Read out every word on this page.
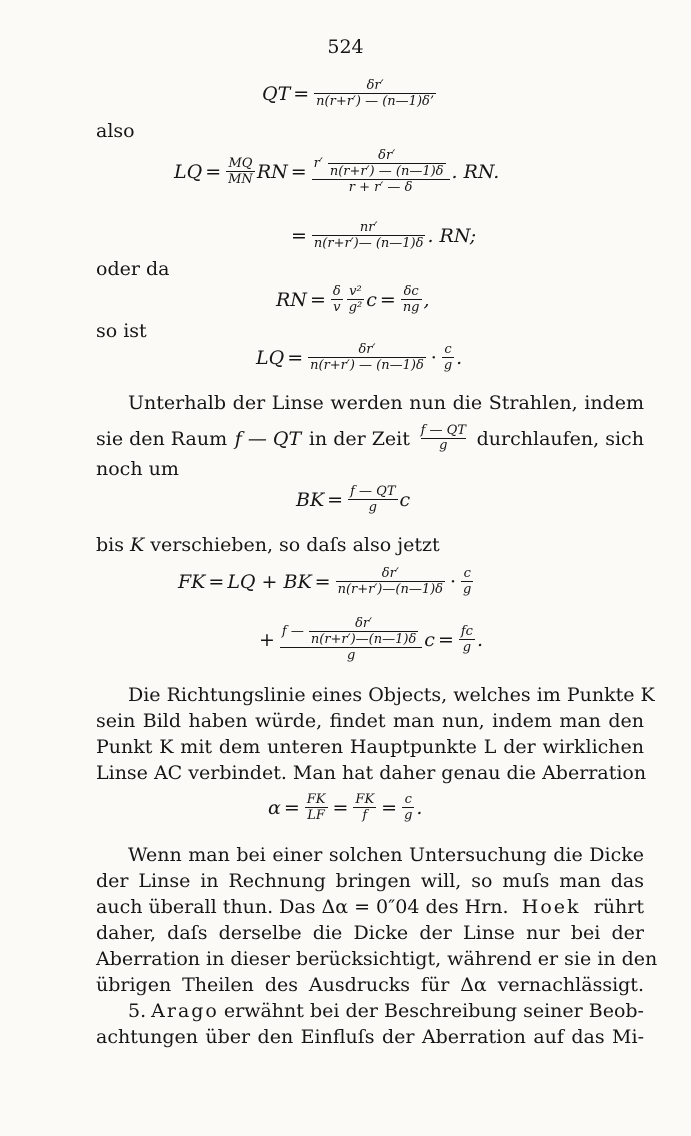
524
QT = $\frac{\delta r'}{n(r+r') — (n—1)\delta’}$
also
LQ = $\frac{MQ}{MN}$ RN = $r' \frac{\delta r'}{n(r+r') — (n—1)\delta}$
r + r′ — δ
. RN.
= $\frac{nr'}{n(r+r')— (n—1)\delta}$ . RN;
oder da
RN = $\frac{\delta}{v} \frac{\text{v²}}{\text{g²}}$ $c = \frac{\delta c}{ng}$ ,
so ist
LQ = $\frac{\delta r'}{n(r+r') — (n—1)\delta} \cdot \frac{c}{g}$ .
Unterhalb der Linse werden nun die Strahlen, indem
sie den Raum f — QT in der Zeit f — QT
g durchlaufen, sich
noch um
BK = $\frac{f — QT}{g}$ c
bis K verschieben, so daſs also jetzt
FK = LQ + BK = $\frac{\delta r'}{n(r+r')—(n—1)\delta} \cdot \frac{c}{g}$
+ f — $\frac{\delta r'}{n(r+r')—(n—1)\delta}$
g
$c = \frac{fc}{g}$ .
Die Richtungslinie eines Objects, welches im Punkte K
sein Bild haben würde, findet man nun, indem man den
Punkt K mit dem unteren Hauptpunkte L der wirklichen
Linse AC verbindet. Man hat daher genau die Aberration
$\alpha = \frac{FK}{LF} = \frac{FK}{f} = \frac{c}{g}$ .
Wenn man bei einer solchen Untersuchung die Dicke
der Linse in Rechnung bringen will, so muſs man das
auch überall thun. Das Δα = 0″04 des Hrn. Hoek rührt
daher, daſs derselbe die Dicke der Linse nur bei der
Aberration in dieser berücksichtigt, während er sie in den
übrigen Theilen des Ausdrucks für Δα vernachlässigt.
5. Arago erwähnt bei der Beschreibung seiner Beob-
achtungen über den Einfluſs der Aberration auf das Mi-
